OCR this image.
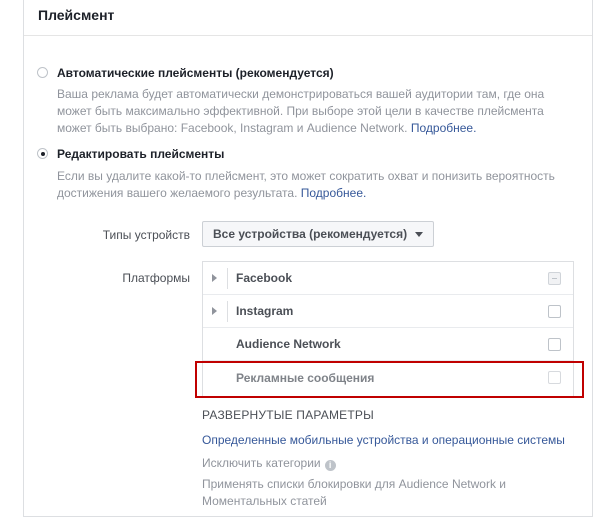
Плейсмент
Автоматические плейсменты (рекомендуется)
Ваша реклама будет автоматически демонстрироваться вашей аудитории там, где она может быть максимально эффективной. При выборе этой цели в качестве плейсмента может быть выбрано: Facebook, Instagram и Audience Network. Подробнее.
Редактировать плейсменты
Если вы удалите какой-то плейсмент, это может сократить охват и понизить вероятность достижения вашего желаемого результата. Подробнее.
Типы устройств Все устройства (рекомендуется)
Платформы	Facebook
Instagram
Audience Network
Рекламные сообщения
РАЗВЕРНУТЫЕ ПАРАМЕТРЫ
Определенные мобильные устройства и операционные системы
Исключить категории i
Применять списки блокировки для Audience Network и
Моментальных статей
